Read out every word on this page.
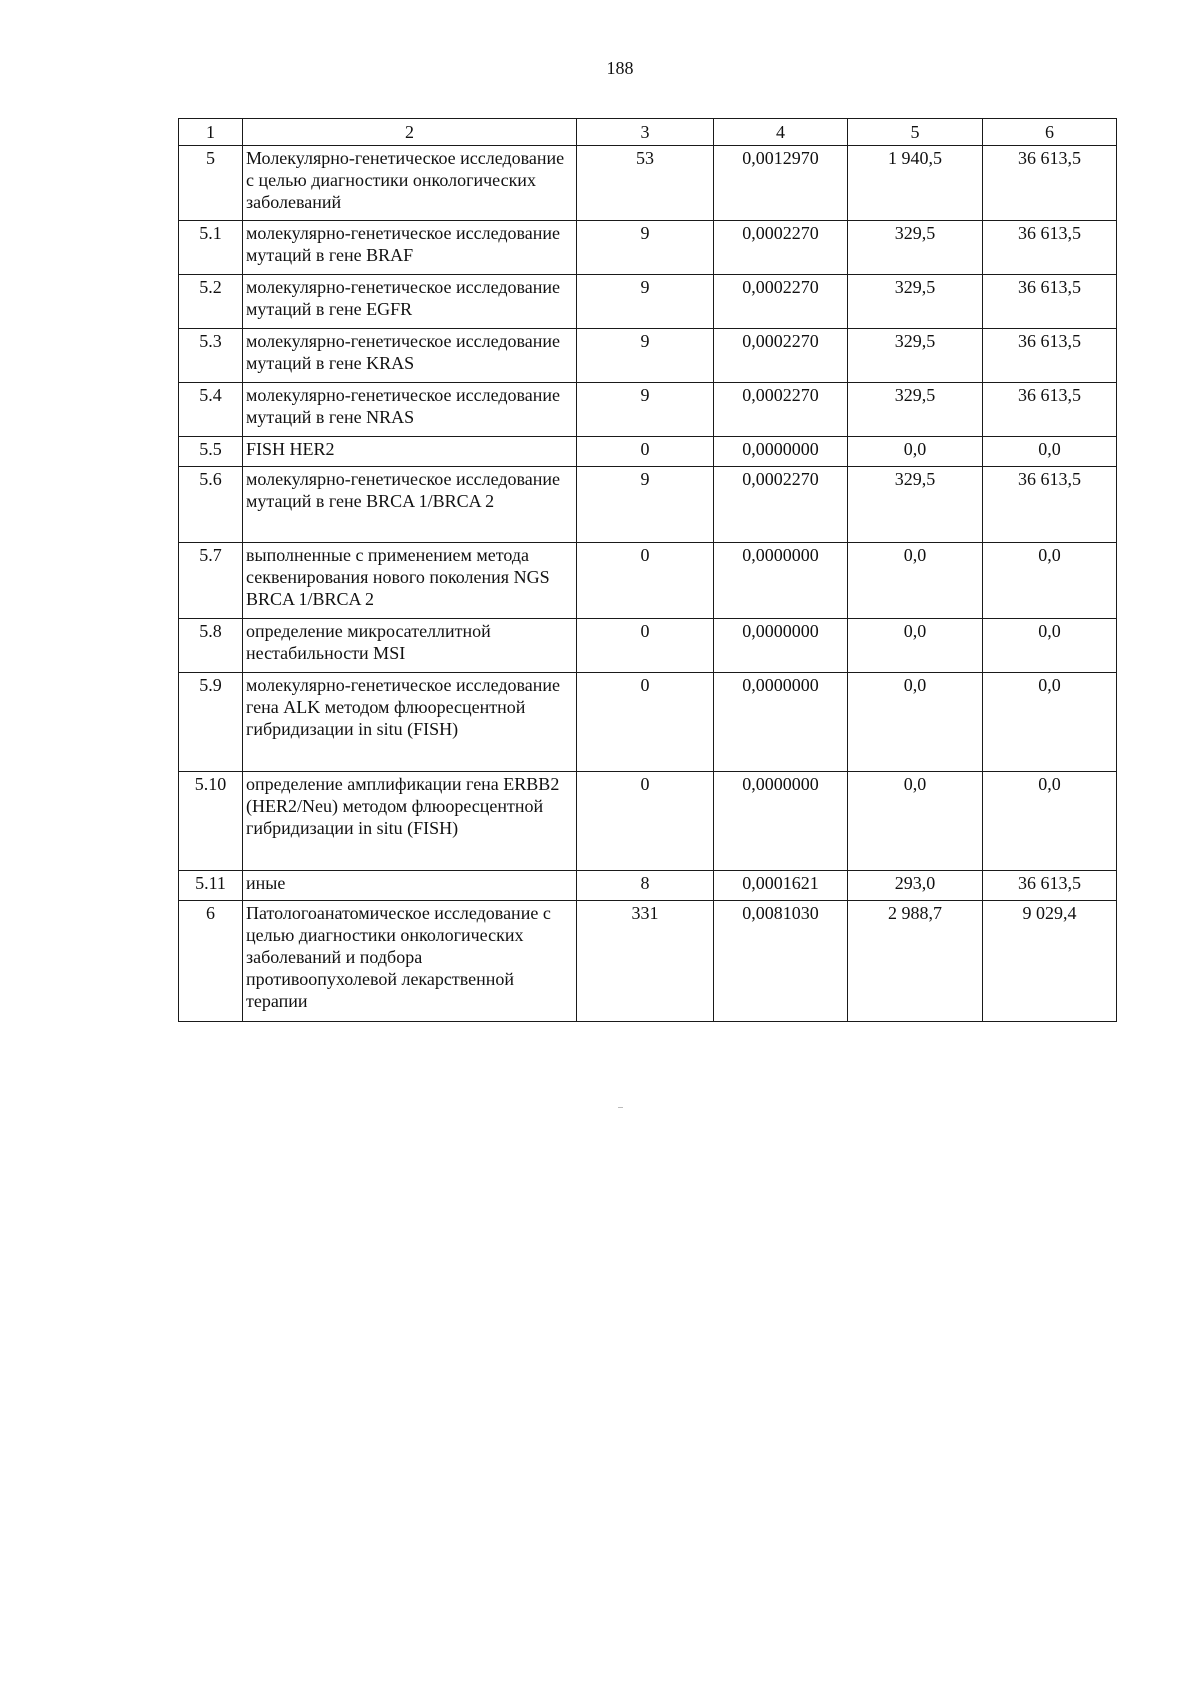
188
1	2	3	4	5	6
5	Молекулярно-генетическое исследование с целью диагностики онкологических заболеваний	53	0,0012970	1 940,5	36 613,5
5.1	молекулярно-генетическое исследование мутаций в гене BRAF	9	0,0002270	329,5	36 613,5
5.2	молекулярно-генетическое исследование мутаций в гене EGFR	9	0,0002270	329,5	36 613,5
5.3	молекулярно-генетическое исследование мутаций в гене KRAS	9	0,0002270	329,5	36 613,5
5.4	молекулярно-генетическое исследование мутаций в гене NRAS	9	0,0002270	329,5	36 613,5
5.5	FISH HER2	0	0,0000000	0,0	0,0
5.6	молекулярно-генетическое исследование мутаций в гене BRCA 1/BRCA 2	9	0,0002270	329,5	36 613,5
5.7	выполненные с применением метода секвенирования нового поколения NGS BRCA 1/BRCA 2	0	0,0000000	0,0	0,0
5.8	определение микросателлитной нестабильности MSI	0	0,0000000	0,0	0,0
5.9	молекулярно-генетическое исследование гена ALK методом флюоресцентной гибридизации in situ (FISH)	0	0,0000000	0,0	0,0
5.10	определение амплификации гена ERBB2 (HER2/Neu) методом флюоресцентной гибридизации in situ (FISH)	0	0,0000000	0,0	0,0
5.11	иные	8	0,0001621	293,0	36 613,5
6	Патологоанатомическое исследование с целью диагностики онкологических заболеваний и подбора противоопухолевой лекарственной терапии	331	0,0081030	2 988,7	9 029,4
